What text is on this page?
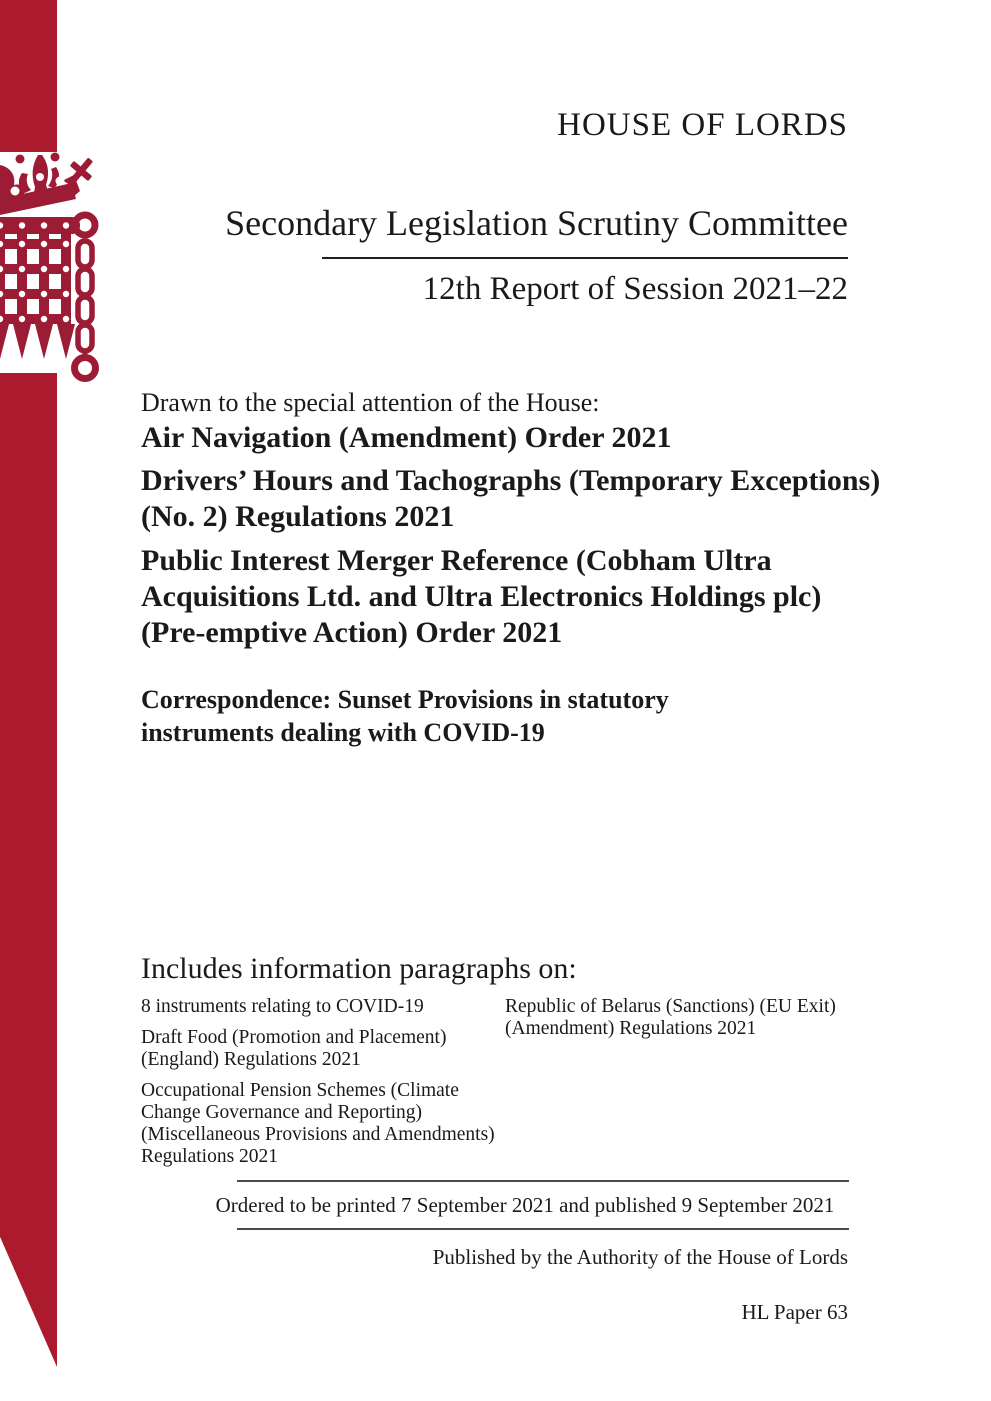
HOUSE OF LORDS
Secondary Legislation Scrutiny Committee
12th Report of Session 2021–22
Drawn to the special attention of the House:
Air Navigation (Amendment) Order 2021
Drivers’ Hours and Tachographs (Temporary Exceptions) (No. 2) Regulations 2021
Public Interest Merger Reference (Cobham Ultra Acquisitions Ltd. and Ultra Electronics Holdings plc) (Pre-emptive Action) Order 2021
Correspondence: Sunset Provisions in statutory instruments dealing with COVID-19
Includes information paragraphs on:
8 instruments relating to COVID-19
Draft Food (Promotion and Placement) (England) Regulations 2021
Occupational Pension Schemes (Climate Change Governance and Reporting) (Miscellaneous Provisions and Amendments) Regulations 2021
Republic of Belarus (Sanctions) (EU Exit) (Amendment) Regulations 2021
Ordered to be printed 7 September 2021 and published 9 September 2021
Published by the Authority of the House of Lords
HL Paper 63
